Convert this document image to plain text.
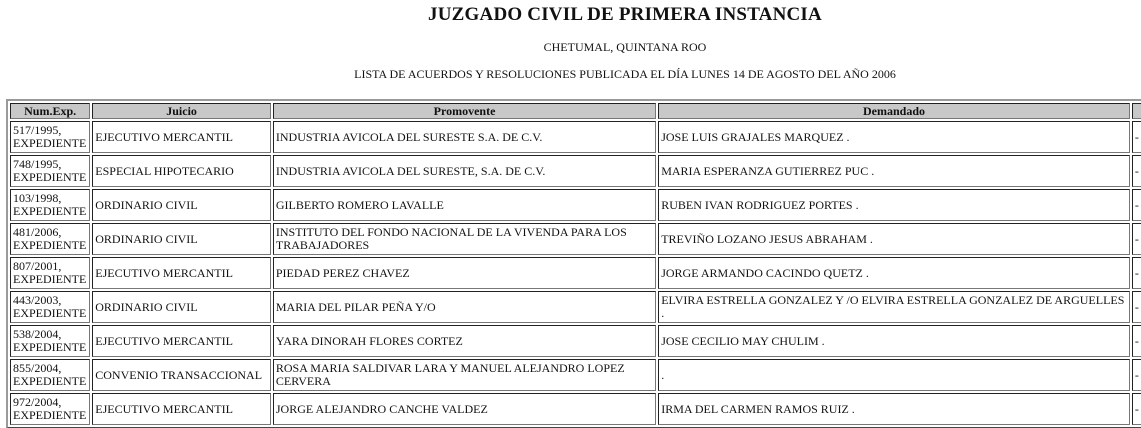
JUZGADO CIVIL DE PRIMERA INSTANCIA
CHETUMAL, QUINTANA ROO
LISTA DE ACUERDOS Y RESOLUCIONES PUBLICADA EL DÍA LUNES 14 DE AGOSTO DEL AÑO 2006
Num.Exp.	Juicio	Promovente	Demandado	

517/1995,
EXPEDIENTE	EJECUTIVO MERCANTIL	INDUSTRIA AVICOLA DEL SURESTE S.A. DE C.V.	JOSE LUIS GRAJALES MARQUEZ .	-

748/1995,
EXPEDIENTE	ESPECIAL HIPOTECARIO	INDUSTRIA AVICOLA DEL SURESTE, S.A. DE C.V.	MARIA ESPERANZA GUTIERREZ PUC .	-

103/1998,
EXPEDIENTE	ORDINARIO CIVIL	GILBERTO ROMERO LAVALLE	RUBEN IVAN RODRIGUEZ PORTES .	-

481/2006,
EXPEDIENTE	ORDINARIO CIVIL	INSTITUTO DEL FONDO NACIONAL DE LA VIVENDA PARA LOS TRABAJADORES	TREVIÑO LOZANO JESUS ABRAHAM .	-

807/2001,
EXPEDIENTE	EJECUTIVO MERCANTIL	PIEDAD PEREZ CHAVEZ	JORGE ARMANDO CACINDO QUETZ .	-

443/2003,
EXPEDIENTE	ORDINARIO CIVIL	MARIA DEL PILAR PEÑA Y/O	ELVIRA ESTRELLA GONZALEZ Y /O ELVIRA ESTRELLA GONZALEZ DE ARGUELLES .	-

538/2004,
EXPEDIENTE	EJECUTIVO MERCANTIL	YARA DINORAH FLORES CORTEZ	JOSE CECILIO MAY CHULIM .	-

855/2004,
EXPEDIENTE	CONVENIO TRANSACCIONAL	ROSA MARIA SALDIVAR LARA Y MANUEL ALEJANDRO LOPEZ CERVERA	.	-

972/2004,
EXPEDIENTE	EJECUTIVO MERCANTIL	JORGE ALEJANDRO CANCHE VALDEZ	IRMA DEL CARMEN RAMOS RUIZ .	-
